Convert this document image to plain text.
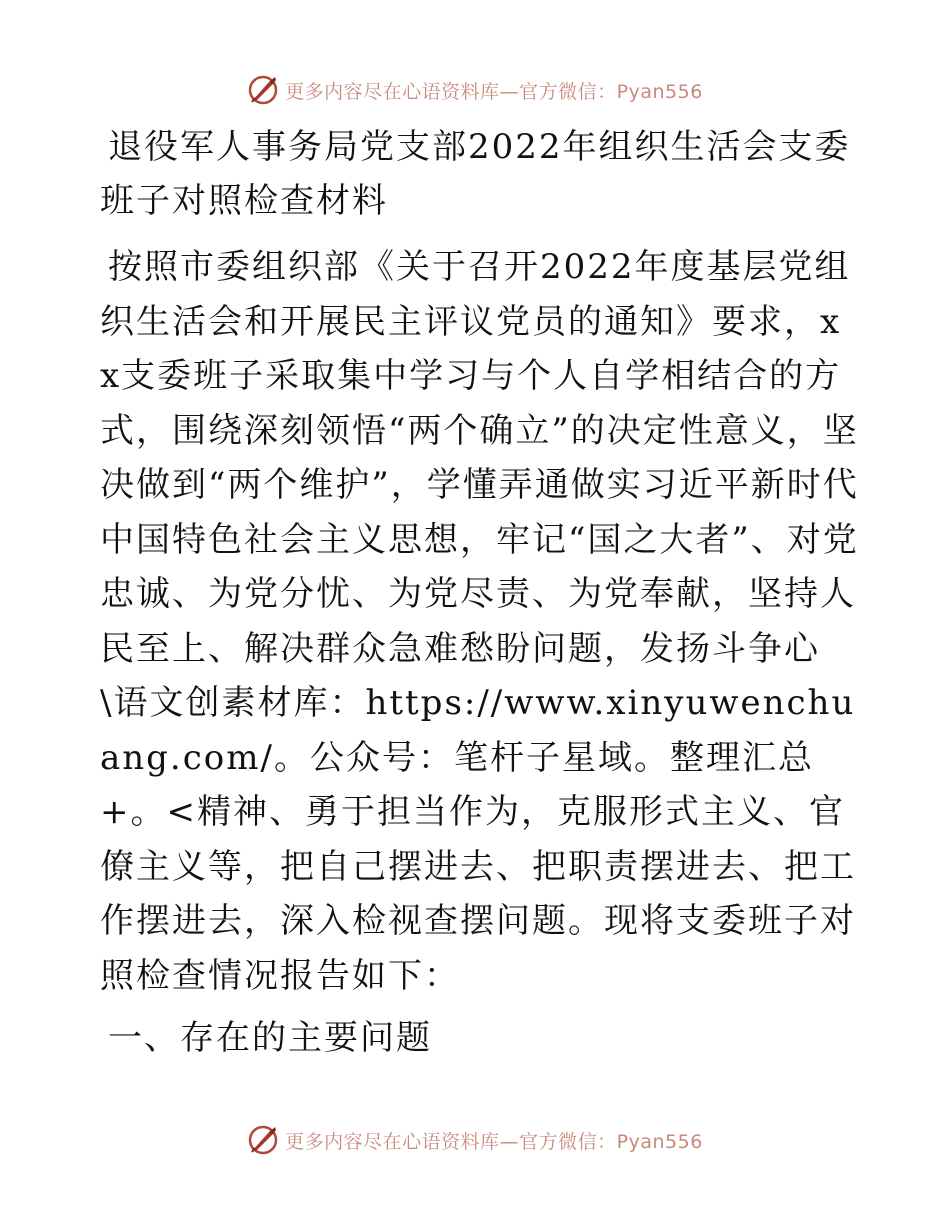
更多内容尽在心语资料库—官方微信：Pyan556
退役军人事务局党支部2022年组织生活会支委班子对照检查材料

按照市委组织部《关于召开2022年度基层党组织生活会和开展民主评议党员的通知》要求，xx支委班子采取集中学习与个人自学相结合的方式，围绕深刻领悟“两个确立”的决定性意义，坚决做到“两个维护”，学懂弄通做实习近平新时代中国特色社会主义思想，牢记“国之大者”、对党忠诚、为党分忧、为党尽责、为党奉献，坚持人民至上、解决群众急难愁盼问题，发扬斗争心\语文创素材库：https://www.xinyuwenchuang.com/。公众号：笔杆子星域。整理汇总+。<精神、勇于担当作为，克服形式主义、官僚主义等，把自己摆进去、把职责摆进去、把工作摆进去，深入检视查摆问题。现将支委班子对照检查情况报告如下：

一、存在的主要问题
更多内容尽在心语资料库—官方微信：Pyan556
